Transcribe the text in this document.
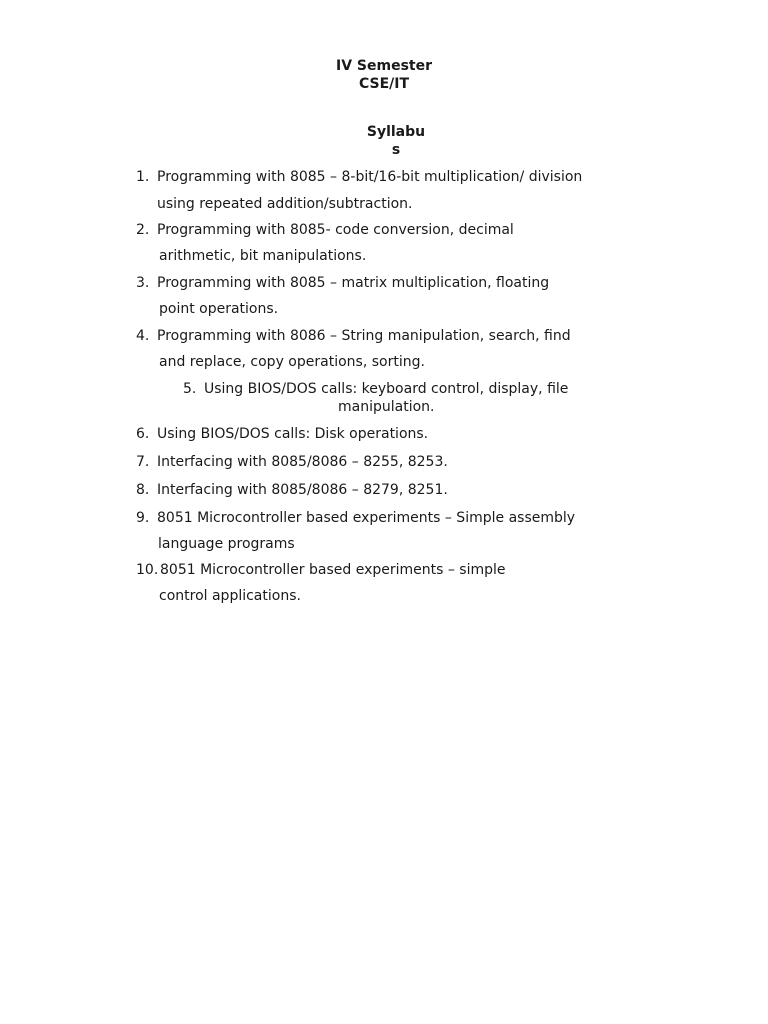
IV Semester
CSE/IT
Syllabu
s
1. Programming with 8085 – 8-bit/16-bit multiplication/ division
using repeated addition/subtraction.
2. Programming with 8085- code conversion, decimal
arithmetic, bit manipulations.
3. Programming with 8085 – matrix multiplication, floating
point operations.
4. Programming with 8086 – String manipulation, search, find
and replace, copy operations, sorting.
5. Using BIOS/DOS calls: keyboard control, display, file
manipulation.
6. Using BIOS/DOS calls: Disk operations.
7. Interfacing with 8085/8086 – 8255, 8253.
8. Interfacing with 8085/8086 – 8279, 8251.
9. 8051 Microcontroller based experiments – Simple assembly
language programs
10. 8051 Microcontroller based experiments – simple
control applications.
